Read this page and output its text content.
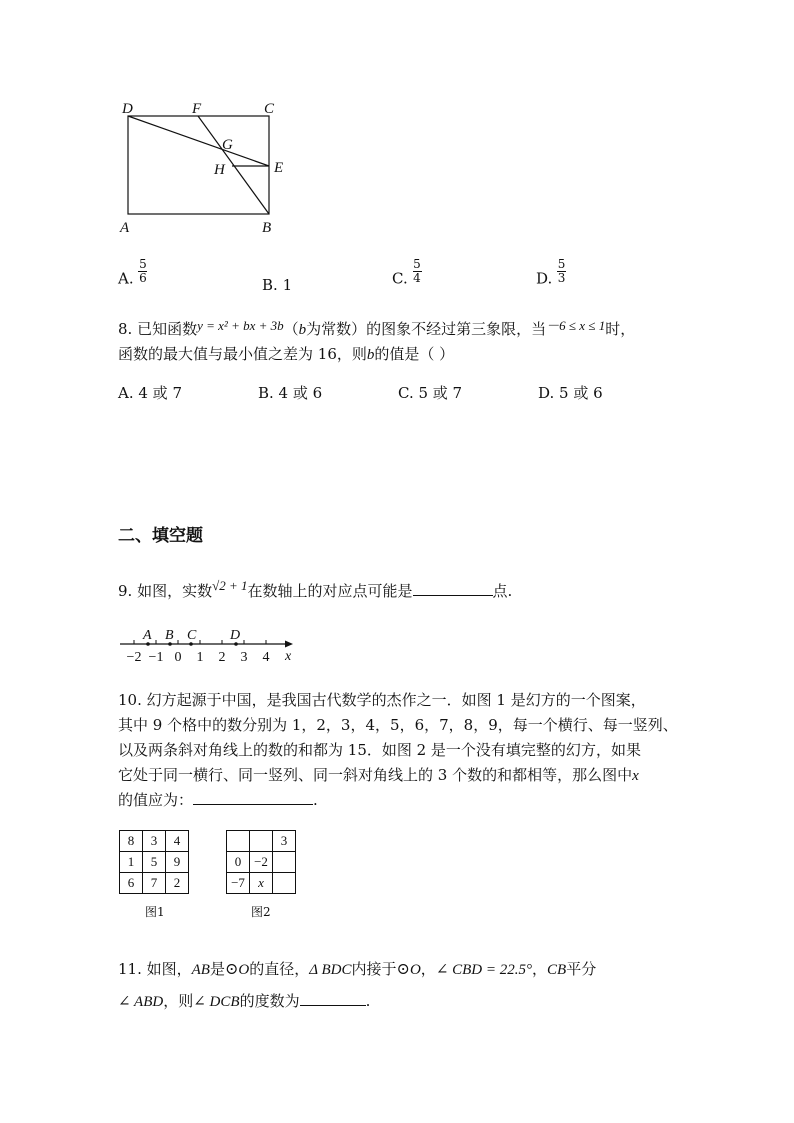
D	F	C
G
H	E
A	B
A. $\frac{5}{6}$	B. 1	C. $\frac{5}{4}$	D. $\frac{5}{3}$
8. 已知函数y = x² + bx + 3b（b为常数）的图象不经过第三象限，当－6 ≤ x ≤ 1时，
函数的最大值与最小值之差为 16，则b的值是（ ）
A. 4 或 7	B. 4 或 6	C. 5 或 7	D. 5 或 6
二、填空题
9. 如图，实数√2 + 1在数轴上的对应点可能是	点.
A B C D
x
−2 −1 0 1 2 3 4
10. 幻方起源于中国，是我国古代数学的杰作之一．如图 1 是幻方的一个图案，
其中 9 个格中的数分别为 1，2，3，4，5，6，7，8，9，每一个横行、每一竖列、
以及两条斜对角线上的数的和都为 15．如图 2 是一个没有填完整的幻方，如果
它处于同一横行、同一竖列、同一斜对角线上的 3 个数的和都相等，那么图中x
的值应为：	.
8	3	4
1	5	9
6	7	2
图1
		3
0	−2	
−7	x	
图2
11. 如图，AB是⊙O的直径，Δ BDC内接于⊙O，∠ CBD = 22.5°，CB平分
∠ ABD，则∠ DCB的度数为	.
